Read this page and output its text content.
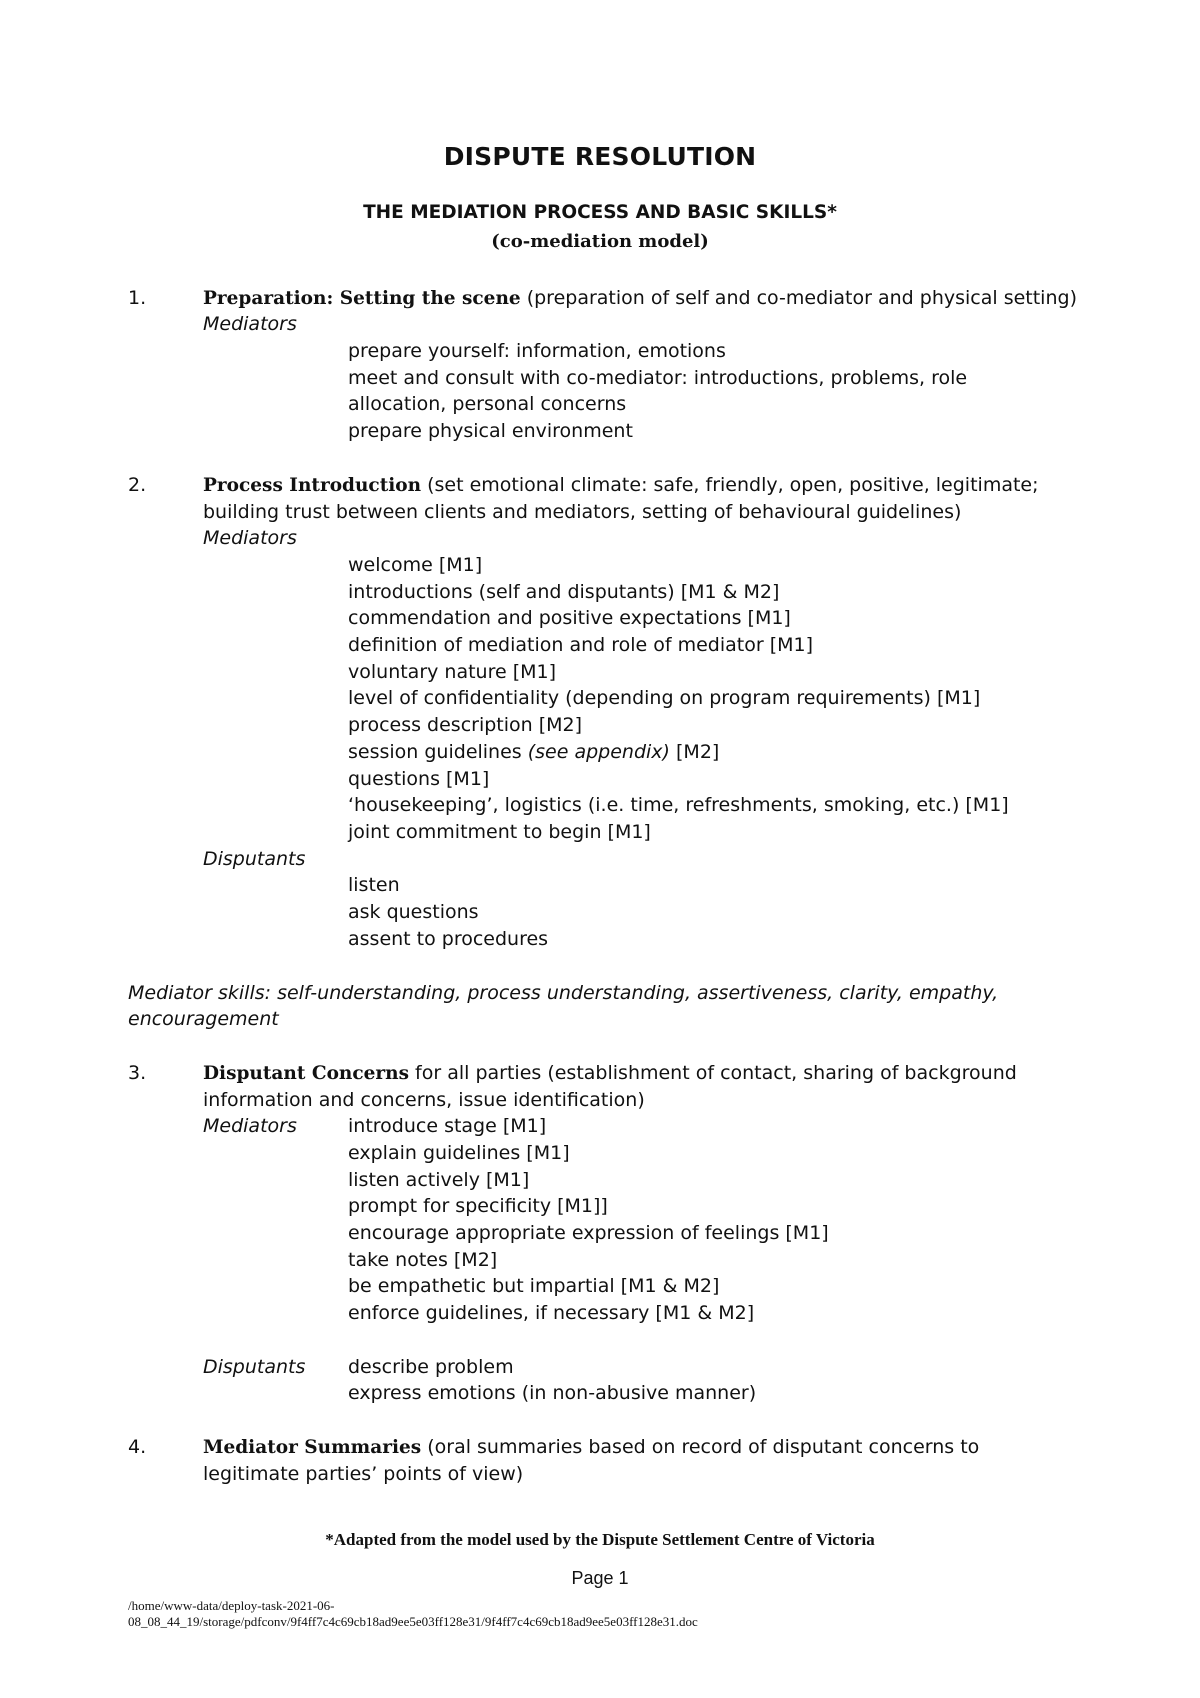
DISPUTE RESOLUTION
THE MEDIATION PROCESS AND BASIC SKILLS*
(co-mediation model)
1.	Preparation: Setting the scene (preparation of self and co-mediator and physical setting)
Mediators
prepare yourself: information, emotions
meet and consult with co-mediator: introductions, problems, role
allocation, personal concerns
prepare physical environment
2.	Process Introduction (set emotional climate: safe, friendly, open, positive, legitimate;
building trust between clients and mediators, setting of behavioural guidelines)
Mediators
welcome [M1]
introductions (self and disputants) [M1 & M2]
commendation and positive expectations [M1]
definition of mediation and role of mediator [M1]
voluntary nature [M1]
level of confidentiality (depending on program requirements) [M1]
process description [M2]
session guidelines (see appendix) [M2]
questions [M1]
‘housekeeping’, logistics (i.e. time, refreshments, smoking, etc.) [M1]
joint commitment to begin [M1]
Disputants
listen
ask questions
assent to procedures
Mediator skills: self-understanding, process understanding, assertiveness, clarity, empathy,
encouragement
3.	Disputant Concerns for all parties (establishment of contact, sharing of background
information and concerns, issue identification)
Mediators	introduce stage [M1]
explain guidelines [M1]
listen actively [M1]
prompt for specificity [M1]]
encourage appropriate expression of feelings [M1]
take notes [M2]
be empathetic but impartial [M1 & M2]
enforce guidelines, if necessary [M1 & M2]
Disputants describe problem
express emotions (in non-abusive manner)
4.	Mediator Summaries (oral summaries based on record of disputant concerns to
legitimate parties’ points of view)
*Adapted from the model used by the Dispute Settlement Centre of Victoria
Page 1
/home/www-data/deploy-task-2021-06-
08_08_44_19/storage/pdfconv/9f4ff7c4c69cb18ad9ee5e03ff128e31/9f4ff7c4c69cb18ad9ee5e03ff128e31.doc
